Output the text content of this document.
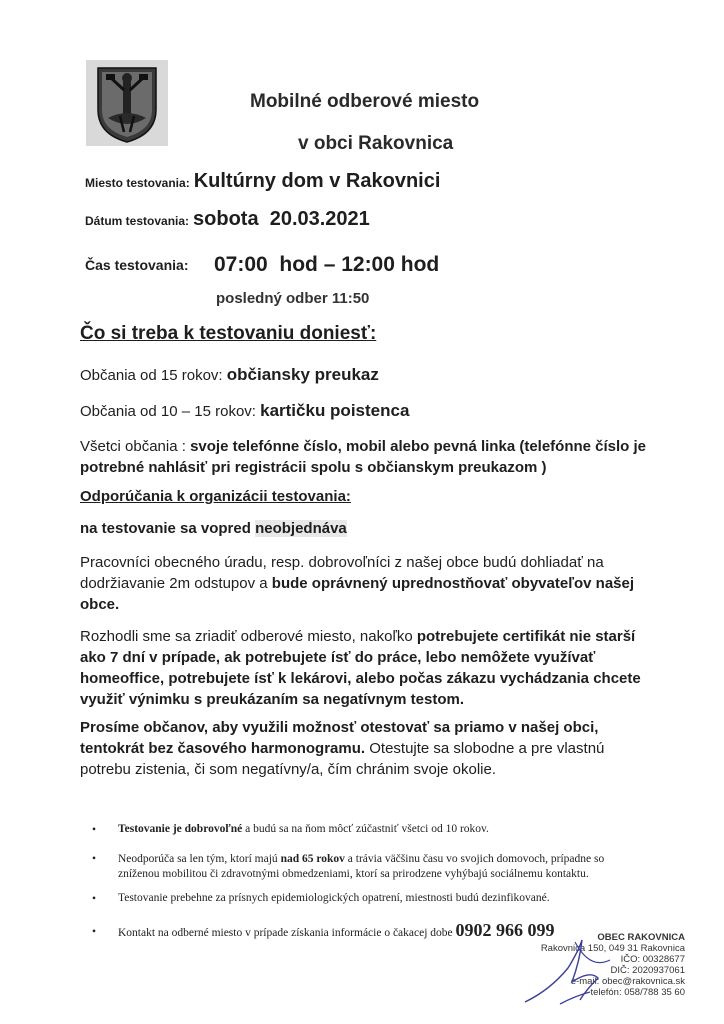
Mobilné odberové miesto
v obci Rakovnica
Miesto testovania: Kultúrny dom v Rakovnici
Dátum testovania: sobota  20.03.2021
Čas testovania: 07:00  hod – 12:00 hod
posledný odber 11:50
Čo si treba k testovaniu doniesť:
Občania od 15 rokov: občiansky preukaz
Občania od 10 – 15 rokov: kartičku poistenca
Všetci občania : svoje telefónne číslo, mobil alebo pevná linka (telefónne číslo je potrebné nahlásiť pri registrácii spolu s občianskym preukazom )
Odporúčania k organizácii testovania:
na testovanie sa vopred neobjednáva
Pracovníci obecného úradu, resp. dobrovoľníci z našej obce budú dohliadať na dodržiavanie 2m odstupov a bude oprávnený uprednostňovať obyvateľov našej obce.
Rozhodli sme sa zriadiť odberové miesto, nakoľko potrebujete certifikát nie starší ako 7 dní v prípade, ak potrebujete ísť do práce, lebo nemôžete využívať homeoffice, potrebujete ísť k lekárovi, alebo počas zákazu vychádzania chcete využiť výnimku s preukázaním sa negatívnym testom.
Prosíme občanov, aby využili možnosť otestovať sa priamo v našej obci, tentokrát bez časového harmonogramu. Otestujte sa slobodne a pre vlastnú potrebu zistenia, či som negatívny/a, čím chránim svoje okolie.
• Testovanie je dobrovoľné a budú sa na ňom môcť zúčastniť všetci od 10 rokov.
• Neodporúča sa len tým, ktorí majú nad 65 rokov a trávia väčšinu času vo svojich domovoch, prípadne so zníženou mobilitou či zdravotnými obmedzeniami, ktorí sa prirodzene vyhýbajú sociálnemu kontaktu.
• Testovanie prebehne za prísnych epidemiologických opatrení, miestnosti budú dezinfikované.
• Kontakt na odberné miesto v prípade získania informácie o čakacej dobe 0902 966 099	OBEC RAKOVNICA
Rakovnica 150, 049 31 Rakovnica
IČO: 00328677
DIČ: 2020937061
e-mail: obec@rakovnica.sk
telefón: 058/788 35 60
